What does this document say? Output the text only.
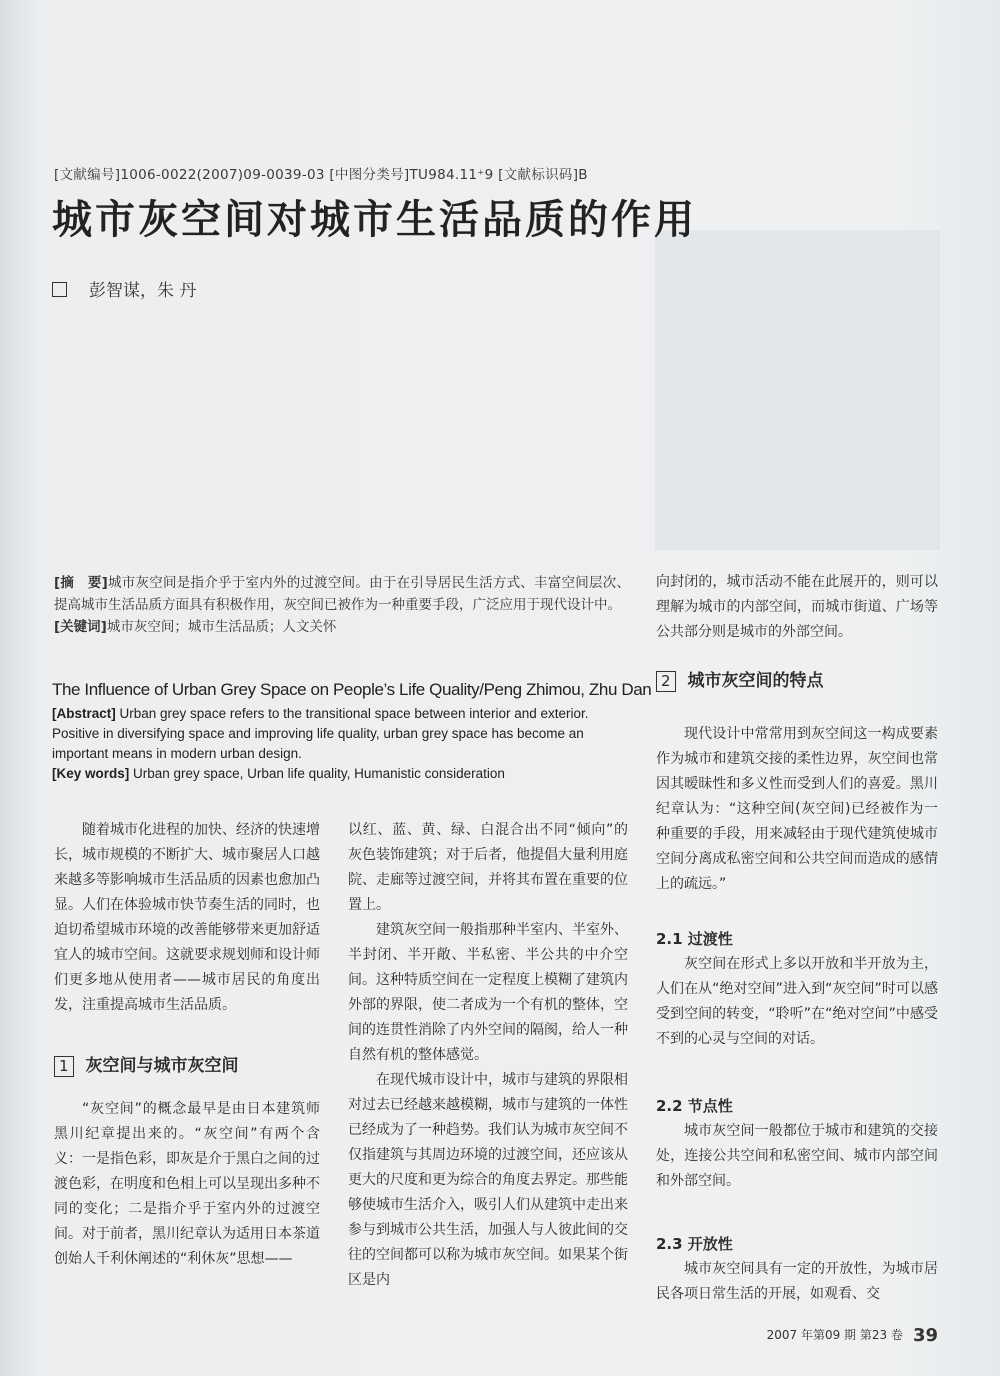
[文献编号]1006-0022(2007)09-0039-03 [中图分类号]TU984.11⁺9 [文献标识码]B
城市灰空间对城市生活品质的作用
彭智谋，朱 丹
[摘　要]城市灰空间是指介乎于室内外的过渡空间。由于在引导居民生活方式、丰富空间层次、提高城市生活品质方面具有积极作用，灰空间已被作为一种重要手段，广泛应用于现代设计中。
[关键词]城市灰空间；城市生活品质；人文关怀
The Influence of Urban Grey Space on People’s Life Quality/Peng Zhimou, Zhu Dan
[Abstract] Urban grey space refers to the transitional space between interior and exterior. Positive in diversifying space and improving life quality, urban grey space has become an important means in modern urban design.
[Key words] Urban grey space, Urban life quality, Humanistic consideration

随着城市化进程的加快、经济的快速增长，城市规模的不断扩大、城市聚居人口越来越多等影响城市生活品质的因素也愈加凸显。人们在体验城市快节奏生活的同时，也迫切希望城市环境的改善能够带来更加舒适宜人的城市空间。这就要求规划师和设计师们更多地从使用者——城市居民的角度出发，注重提高城市生活品质。

1 灰空间与城市灰空间

“灰空间”的概念最早是由日本建筑师黑川纪章提出来的。“灰空间”有两个含义：一是指色彩，即灰是介于黑白之间的过渡色彩，在明度和色相上可以呈现出多种不同的变化；二是指介乎于室内外的过渡空间。对于前者，黑川纪章认为适用日本茶道创始人千利休阐述的“利休灰”思想——

以红、蓝、黄、绿、白混合出不同“倾向”的灰色装饰建筑；对于后者，他提倡大量利用庭院、走廊等过渡空间，并将其布置在重要的位置上。

建筑灰空间一般指那种半室内、半室外、半封闭、半开敞、半私密、半公共的中介空间。这种特质空间在一定程度上模糊了建筑内外部的界限，使二者成为一个有机的整体，空间的连贯性消除了内外空间的隔阂，给人一种自然有机的整体感觉。

在现代城市设计中，城市与建筑的界限相对过去已经越来越模糊，城市与建筑的一体性已经成为了一种趋势。我们认为城市灰空间不仅指建筑与其周边环境的过渡空间，还应该从更大的尺度和更为综合的角度去界定。那些能够使城市生活介入，吸引人们从建筑中走出来参与到城市公共生活，加强人与人彼此间的交往的空间都可以称为城市灰空间。如果某个街区是内

向封闭的，城市活动不能在此展开的，则可以理解为城市的内部空间，而城市街道、广场等公共部分则是城市的外部空间。

2 城市灰空间的特点

现代设计中常常用到灰空间这一构成要素作为城市和建筑交接的柔性边界，灰空间也常因其暧昧性和多义性而受到人们的喜爱。黑川纪章认为：“这种空间(灰空间)已经被作为一种重要的手段，用来减轻由于现代建筑使城市空间分离成私密空间和公共空间而造成的感情上的疏远。”

2.1 过渡性

灰空间在形式上多以开放和半开放为主，人们在从“绝对空间”进入到“灰空间”时可以感受到空间的转变，“聆听”在“绝对空间”中感受不到的心灵与空间的对话。

2.2 节点性

城市灰空间一般都位于城市和建筑的交接处，连接公共空间和私密空间、城市内部空间和外部空间。

2.3 开放性

城市灰空间具有一定的开放性，为城市居民各项日常生活的开展，如观看、交

2007 年第09 期 第23 卷 39
